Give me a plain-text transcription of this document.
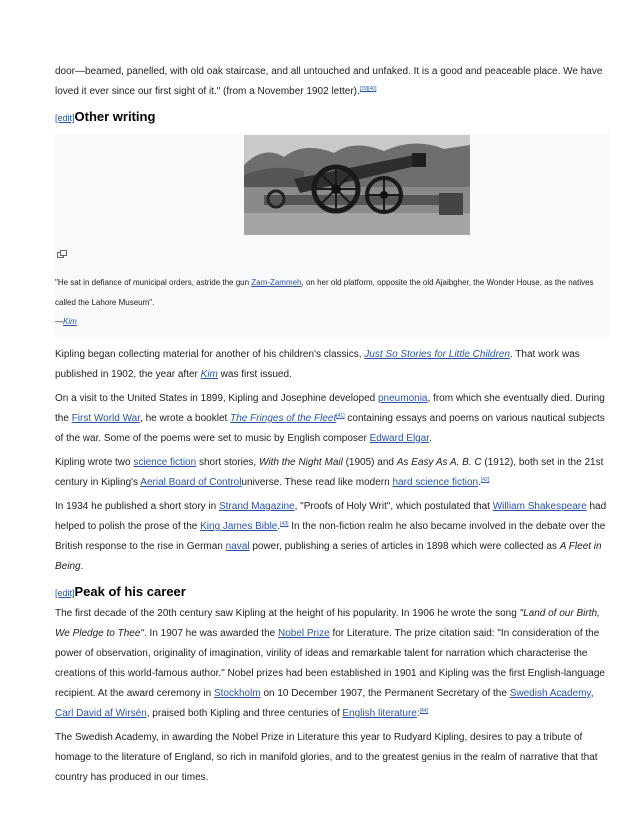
door—beamed, panelled, with old oak staircase, and all untouched and unfaked. It is a good and peaceable place. We have
loved it ever since our first sight of it." (from a November 1902 letter).[39][40]

[edit]Other writing

"He sat in defiance of municipal orders, astride the gun Zam-Zammeh, on her old platform, opposite the old Ajaibgher, the Wonder House, as the natives called the Lahore Museum".

—Kim

Kipling began collecting material for another of his children's classics, Just So Stories for Little Children. That work was published in 1902, the year after Kim was first issued.

On a visit to the United States in 1899, Kipling and Josephine developed pneumonia, from which she eventually died. During the First World War, he wrote a booklet The Fringes of the Fleet[41] containing essays and poems on various nautical subjects of the war. Some of the poems were set to music by English composer Edward Elgar.

Kipling wrote two science fiction short stories, With the Night Mail (1905) and As Easy As A. B. C (1912), both set in the 21st century in Kipling's Aerial Board of Controluniverse. These read like modern hard science fiction.[42]

In 1934 he published a short story in Strand Magazine, "Proofs of Holy Writ", which postulated that William Shakespeare had helped to polish the prose of the King James Bible.[43] In the non-fiction realm he also became involved in the debate over the British response to the rise in German naval power, publishing a series of articles in 1898 which were collected as A Fleet in Being.

[edit]Peak of his career

The first decade of the 20th century saw Kipling at the height of his popularity. In 1906 he wrote the song "Land of our Birth, We Pledge to Thee". In 1907 he was awarded the Nobel Prize for Literature. The prize citation said: "In consideration of the power of observation, originality of imagination, virility of ideas and remarkable talent for narration which characterise the creations of this world-famous author." Nobel prizes had been established in 1901 and Kipling was the first English-language recipient. At the award ceremony in Stockholm on 10 December 1907, the Permanent Secretary of the Swedish Academy, Carl David af Wirsén, praised both Kipling and three centuries of English literature:[44]

The Swedish Academy, in awarding the Nobel Prize in Literature this year to Rudyard Kipling, desires to pay a tribute of homage to the literature of England, so rich in manifold glories, and to the greatest genius in the realm of narrative that that country has produced in our times.
